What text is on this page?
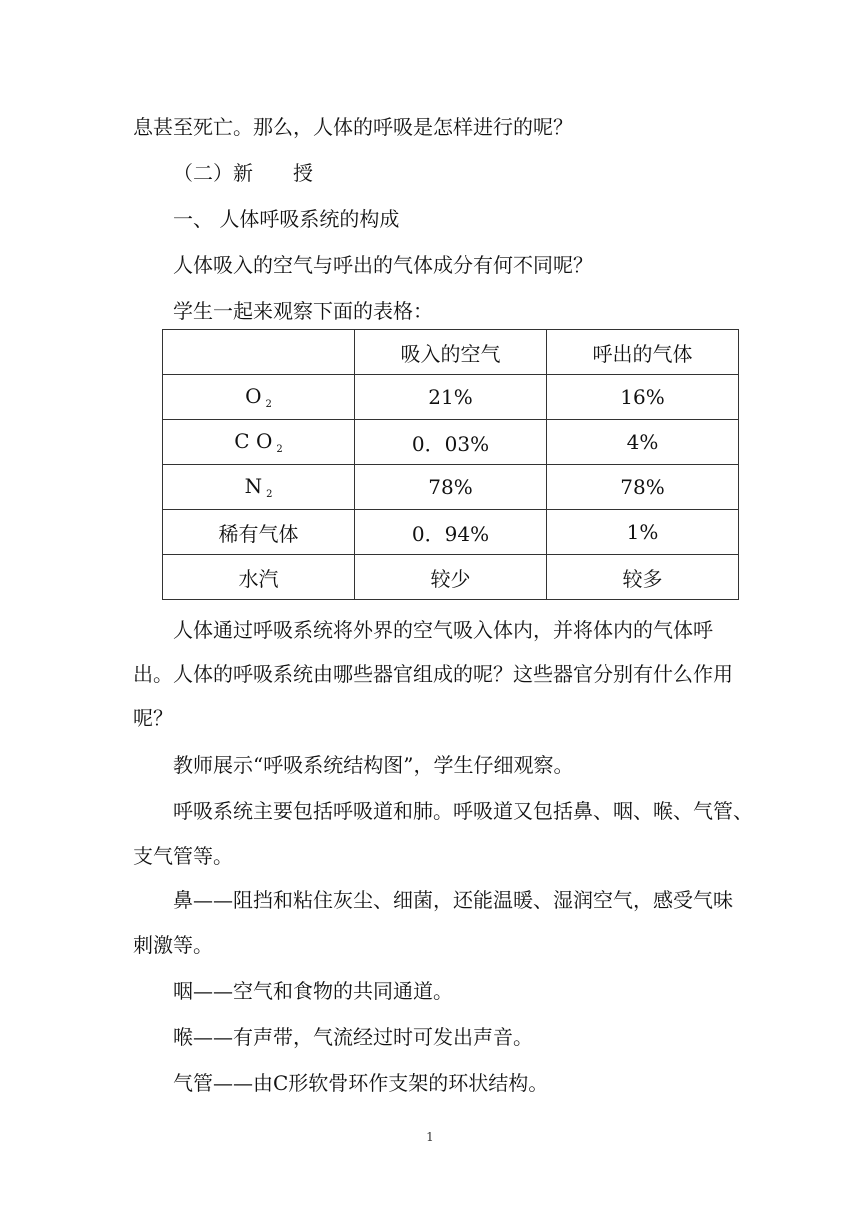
息甚至死亡。那么，人体的呼吸是怎样进行的呢？
（二）新　　授
一、 人体呼吸系统的构成
人体吸入的空气与呼出的气体成分有何不同呢？
学生一起来观察下面的表格：
	吸入的空气	呼出的气体
O $_2$	21%	16%
C O $_2$	0．03%	4%
N $_2$	78%	78%
稀有气体	0．94%	1%
水汽	较少	较多
人体通过呼吸系统将外界的空气吸入体内，并将体内的气体呼
出。人体的呼吸系统由哪些器官组成的呢？这些器官分别有什么作用
呢？
教师展示“呼吸系统结构图”，学生仔细观察。
呼吸系统主要包括呼吸道和肺。呼吸道又包括鼻、咽、喉、气管、
支气管等。
鼻——阻挡和粘住灰尘、细菌，还能温暖、湿润空气，感受气味
刺激等。
咽——空气和食物的共同通道。
喉——有声带，气流经过时可发出声音。
气管——由C形软骨环作支架的环状结构。
1
